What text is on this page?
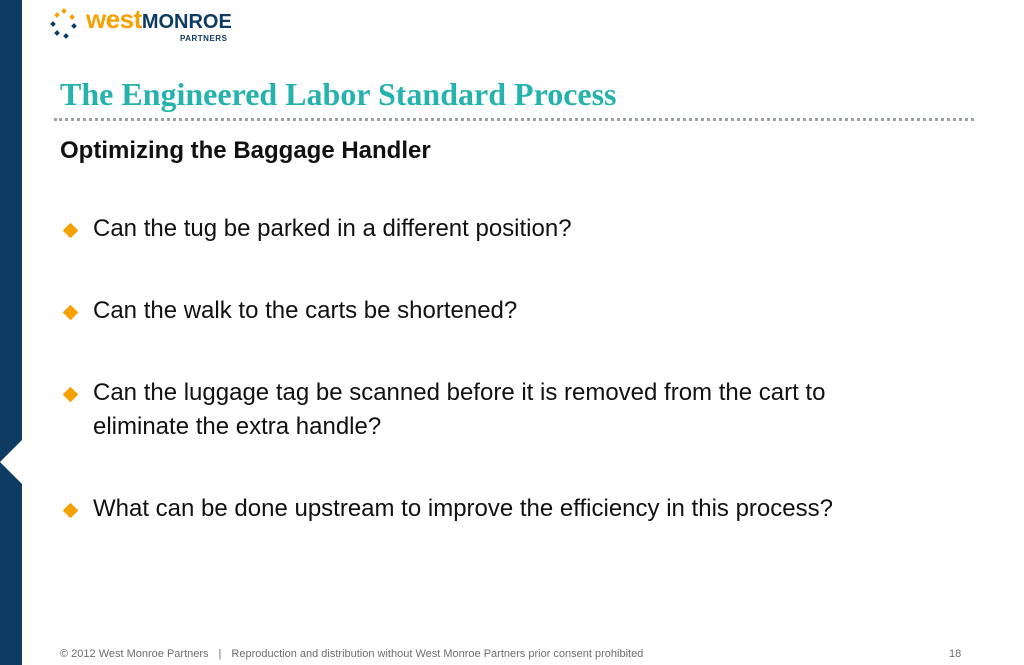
westMONROE
PARTNERS
The Engineered Labor Standard Process
Optimizing the Baggage Handler
Can the tug be parked in a different position?
Can the walk to the carts be shortened?
Can the luggage tag be scanned before it is removed from the cart to eliminate the extra handle?
What can be done upstream to improve the efficiency in this process?
© 2012 West Monroe Partners | Reproduction and distribution without West Monroe Partners prior consent prohibited	18
